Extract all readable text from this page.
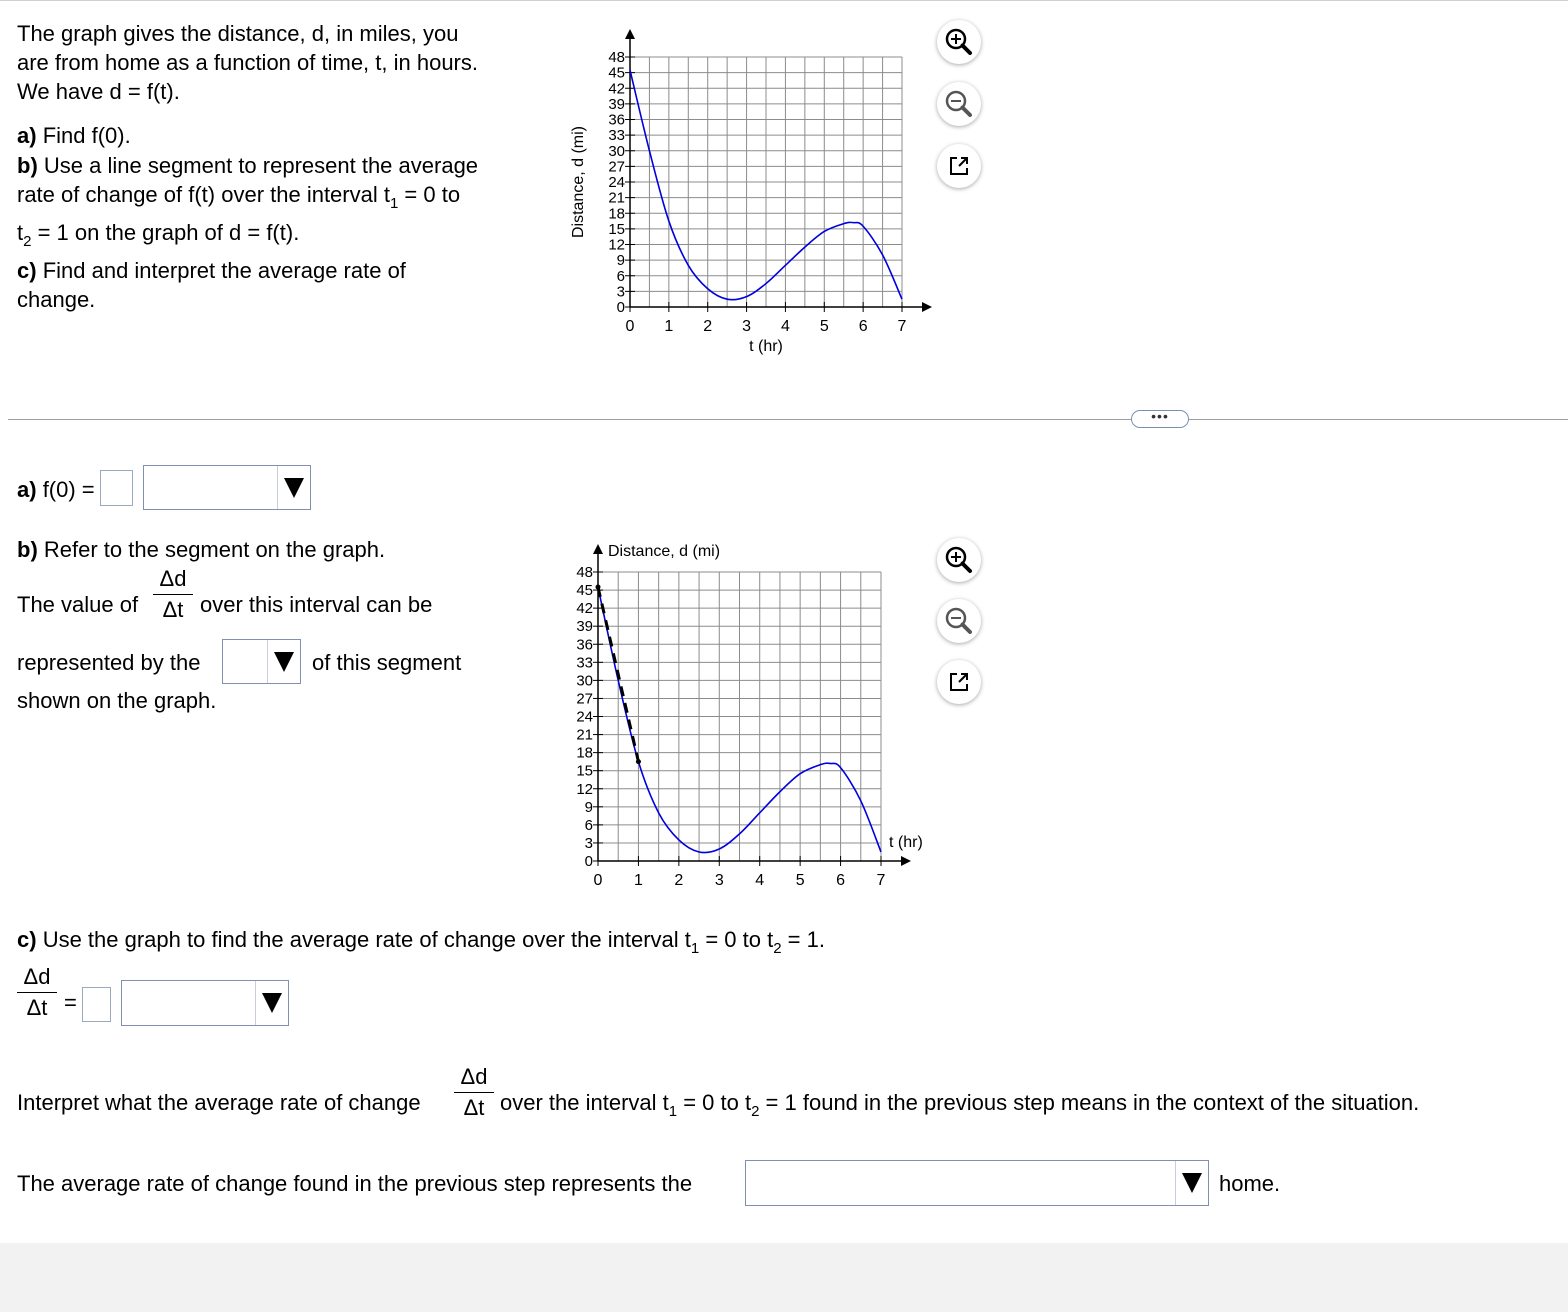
The graph gives the distance, d, in miles, you
are from home as a function of time, t, in hours.
We have d = f(t).
a) Find f(0).
b) Use a line segment to represent the average
rate of change of f(t) over the interval $t_1 = 0$ to
$t_2 = 1$ on the graph of d = f(t).
c) Find and interpret the average rate of
change.	0
3
6
9
12
15
18
21
24
27
30
33
36
39
42
45
48
0 1 2 3 4 5 6 7
t (hr)
Distance, d (mi)
•••
a) f(0) =
b) Refer to the segment on the graph.
The value of
Δd
Δt over this interval can be
represented by the	of this segment
shown on the graph.
0
3
6
9
12
15
18
21
24
27
30
33
36
39
42
45
48
0 1 2 3 4 5 6 7
t (hr)
Distance, d (mi)
c) Use the graph to find the average rate of change over the interval $t_1 = 0$ to $t_2 = 1$.
Δd
Δt =
Interpret what the average rate of change
Δd
Δt over the interval $t_1 = 0$ to $t_2 = 1$ found in the previous step means in the context of the situation.
The average rate of change found in the previous step represents the	home.
